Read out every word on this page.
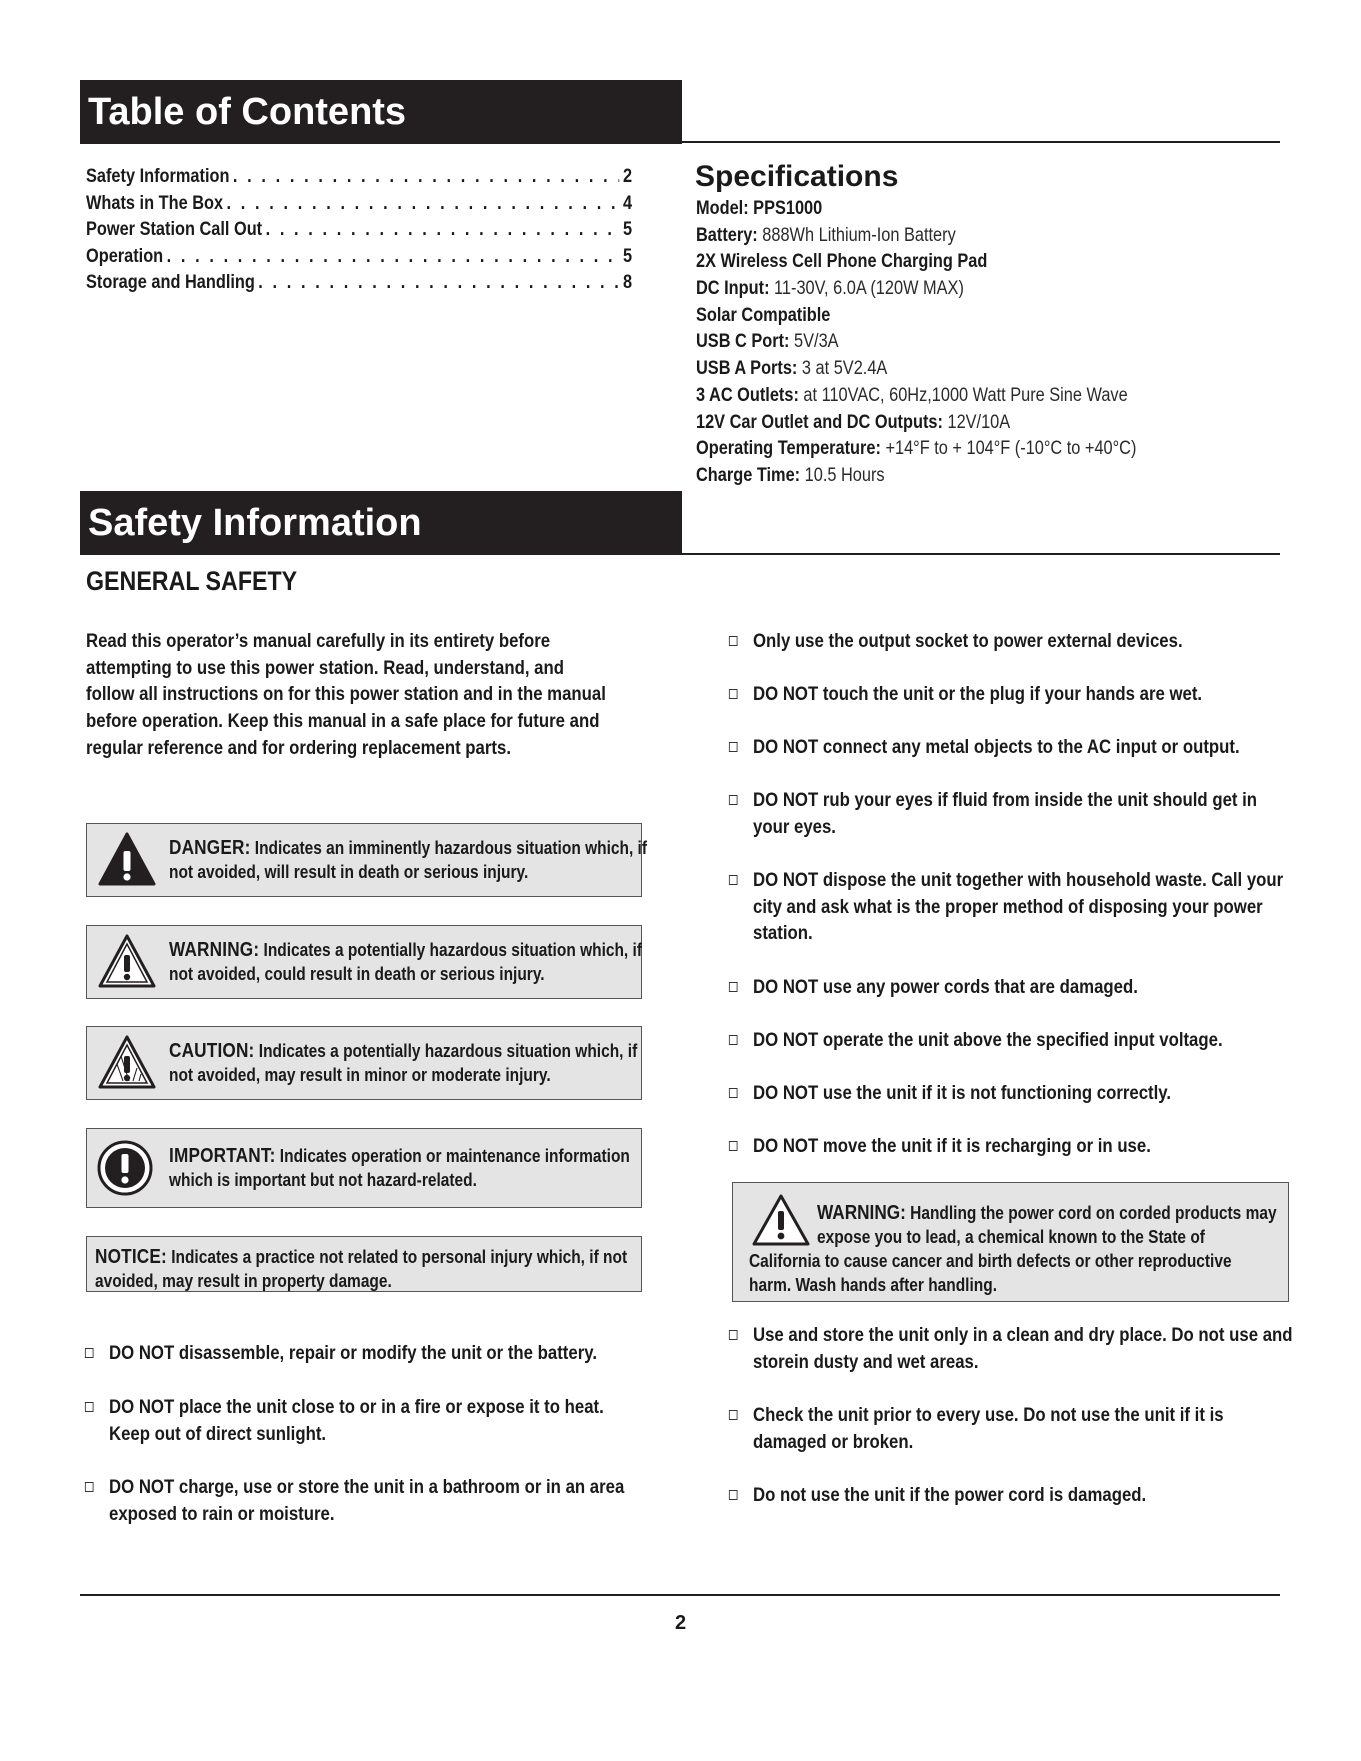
Table of Contents
Safety Information . . .	2
Whats in The Box . . .	4
Power Station Call Out . . .	5
Operation . . .	5
Storage and Handling . . .	8
Specifications
Model: PPS1000
Battery: 888Wh Lithium-Ion Battery
2X Wireless Cell Phone Charging Pad
DC Input: 11-30V, 6.0A (120W MAX)
Solar Compatible
USB C Port: 5V/3A
USB A Ports: 3 at 5V2.4A
3 AC Outlets: at 110VAC, 60Hz,1000 Watt Pure Sine Wave
12V Car Outlet and DC Outputs: 12V/10A
Operating Temperature: +14°F to + 104°F (-10°C to +40°C)
Charge Time: 10.5 Hours
Safety Information
GENERAL SAFETY
Read this operator’s manual carefully in its entirety before attempting to use this power station. Read, understand, and follow all instructions on for this power station and in the manual before operation. Keep this manual in a safe place for future and regular reference and for ordering replacement parts.
DANGER: Indicates an imminently hazardous situation which, if not avoided, will result in death or serious injury.
WARNING: Indicates a potentially hazardous situation which, if not avoided, could result in death or serious injury.
CAUTION: Indicates a potentially hazardous situation which, if not avoided, may result in minor or moderate injury.
IMPORTANT: Indicates operation or maintenance information which is important but not hazard-related.
NOTICE: Indicates a practice not related to personal injury which, if not avoided, may result in property damage.
DO NOT disassemble, repair or modify the unit or the battery.
DO NOT place the unit close to or in a fire or expose it to heat. Keep out of direct sunlight.
DO NOT charge, use or store the unit in a bathroom or in an area exposed to rain or moisture.
Only use the output socket to power external devices.
DO NOT touch the unit or the plug if your hands are wet.
DO NOT connect any metal objects to the AC input or output.
DO NOT rub your eyes if fluid from inside the unit should get in your eyes.
DO NOT dispose the unit together with household waste. Call your city and ask what is the proper method of disposing your power station.
DO NOT use any power cords that are damaged.
DO NOT operate the unit above the specified input voltage.
DO NOT use the unit if it is not functioning correctly.
DO NOT move the unit if it is recharging or in use.
WARNING: Handling the power cord on corded products may expose you to lead, a chemical known to the State of
California to cause cancer and birth defects or other reproductive harm. Wash hands after handling.
Use and store the unit only in a clean and dry place. Do not use and storein dusty and wet areas.
Check the unit prior to every use. Do not use the unit if it is damaged or broken.
Do not use the unit if the power cord is damaged.
2
